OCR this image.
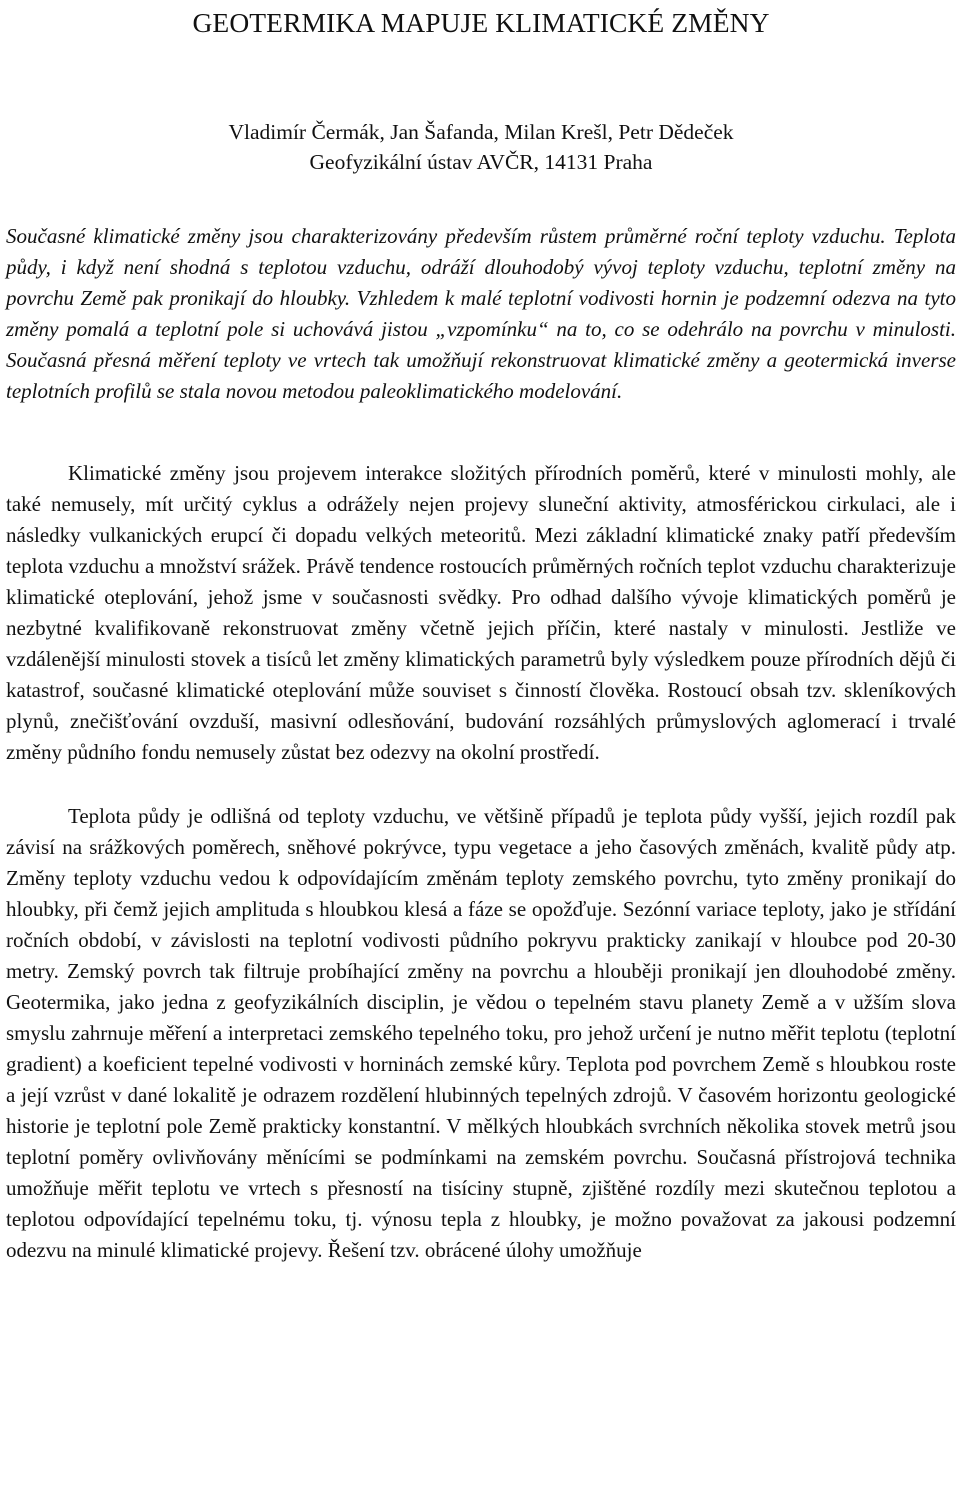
GEOTERMIKA MAPUJE KLIMATICKÉ ZMĚNY
Vladimír Čermák, Jan Šafanda, Milan Krešl, Petr Dědeček
Geofyzikální ústav AVČR, 14131 Praha

Současné klimatické změny jsou charakterizovány především růstem průměrné roční teploty vzduchu. Teplota půdy, i když není shodná s teplotou vzduchu, odráží dlouhodobý vývoj teploty vzduchu, teplotní změny na povrchu Země pak pronikají do hloubky. Vzhledem k malé teplotní vodivosti hornin je podzemní odezva na tyto změny pomalá a teplotní pole si uchovává jistou „vzpomínku“ na to, co se odehrálo na povrchu v minulosti. Současná přesná měření teploty ve vrtech tak umožňují rekonstruovat klimatické změny a geotermická inverse teplotních profilů se stala novou metodou paleoklimatického modelování.

Klimatické změny jsou projevem interakce složitých přírodních poměrů, které v minulosti mohly, ale také nemusely, mít určitý cyklus a odrážely nejen projevy sluneční aktivity, atmosférickou cirkulaci, ale i následky vulkanických erupcí či dopadu velkých meteoritů. Mezi základní klimatické znaky patří především teplota vzduchu a množství srážek. Právě tendence rostoucích průměrných ročních teplot vzduchu charakterizuje klimatické oteplování, jehož jsme v současnosti svědky. Pro odhad dalšího vývoje klimatických poměrů je nezbytné kvalifikovaně rekonstruovat změny včetně jejich příčin, které nastaly v minulosti. Jestliže ve vzdálenější minulosti stovek a tisíců let změny klimatických parametrů byly výsledkem pouze přírodních dějů či katastrof, současné klimatické oteplování může souviset s činností člověka. Rostoucí obsah tzv. skleníkových plynů, znečišťování ovzduší, masivní odlesňování, budování rozsáhlých průmyslových aglomerací i trvalé změny půdního fondu nemusely zůstat bez odezvy na okolní prostředí.

Teplota půdy je odlišná od teploty vzduchu, ve většině případů je teplota půdy vyšší, jejich rozdíl pak závisí na srážkových poměrech, sněhové pokrývce, typu vegetace a jeho časových změnách, kvalitě půdy atp. Změny teploty vzduchu vedou k odpovídajícím změnám teploty zemského povrchu, tyto změny pronikají do hloubky, při čemž jejich amplituda s hloubkou klesá a fáze se opožďuje. Sezónní variace teploty, jako je střídání ročních období, v závislosti na teplotní vodivosti půdního pokryvu prakticky zanikají v hloubce pod 20-30 metry. Zemský povrch tak filtruje probíhající změny na povrchu a hlouběji pronikají jen dlouhodobé změny. Geotermika, jako jedna z geofyzikálních disciplin, je vědou o tepelném stavu planety Země a v užším slova smyslu zahrnuje měření a interpretaci zemského tepelného toku, pro jehož určení je nutno měřit teplotu (teplotní gradient) a koeficient tepelné vodivosti v horninách zemské kůry. Teplota pod povrchem Země s hloubkou roste a její vzrůst v dané lokalitě je odrazem rozdělení hlubinných tepelných zdrojů. V časovém horizontu geologické historie je teplotní pole Země prakticky konstantní. V mělkých hloubkách svrchních několika stovek metrů jsou teplotní poměry ovlivňovány měnícími se podmínkami na zemském povrchu. Současná přístrojová technika umožňuje měřit teplotu ve vrtech s přesností na tisíciny stupně, zjištěné rozdíly mezi skutečnou teplotou a teplotou odpovídající tepelnému toku, tj. výnosu tepla z hloubky, je možno považovat za jakousi podzemní odezvu na minulé klimatické projevy. Řešení tzv. obrácené úlohy umožňuje
